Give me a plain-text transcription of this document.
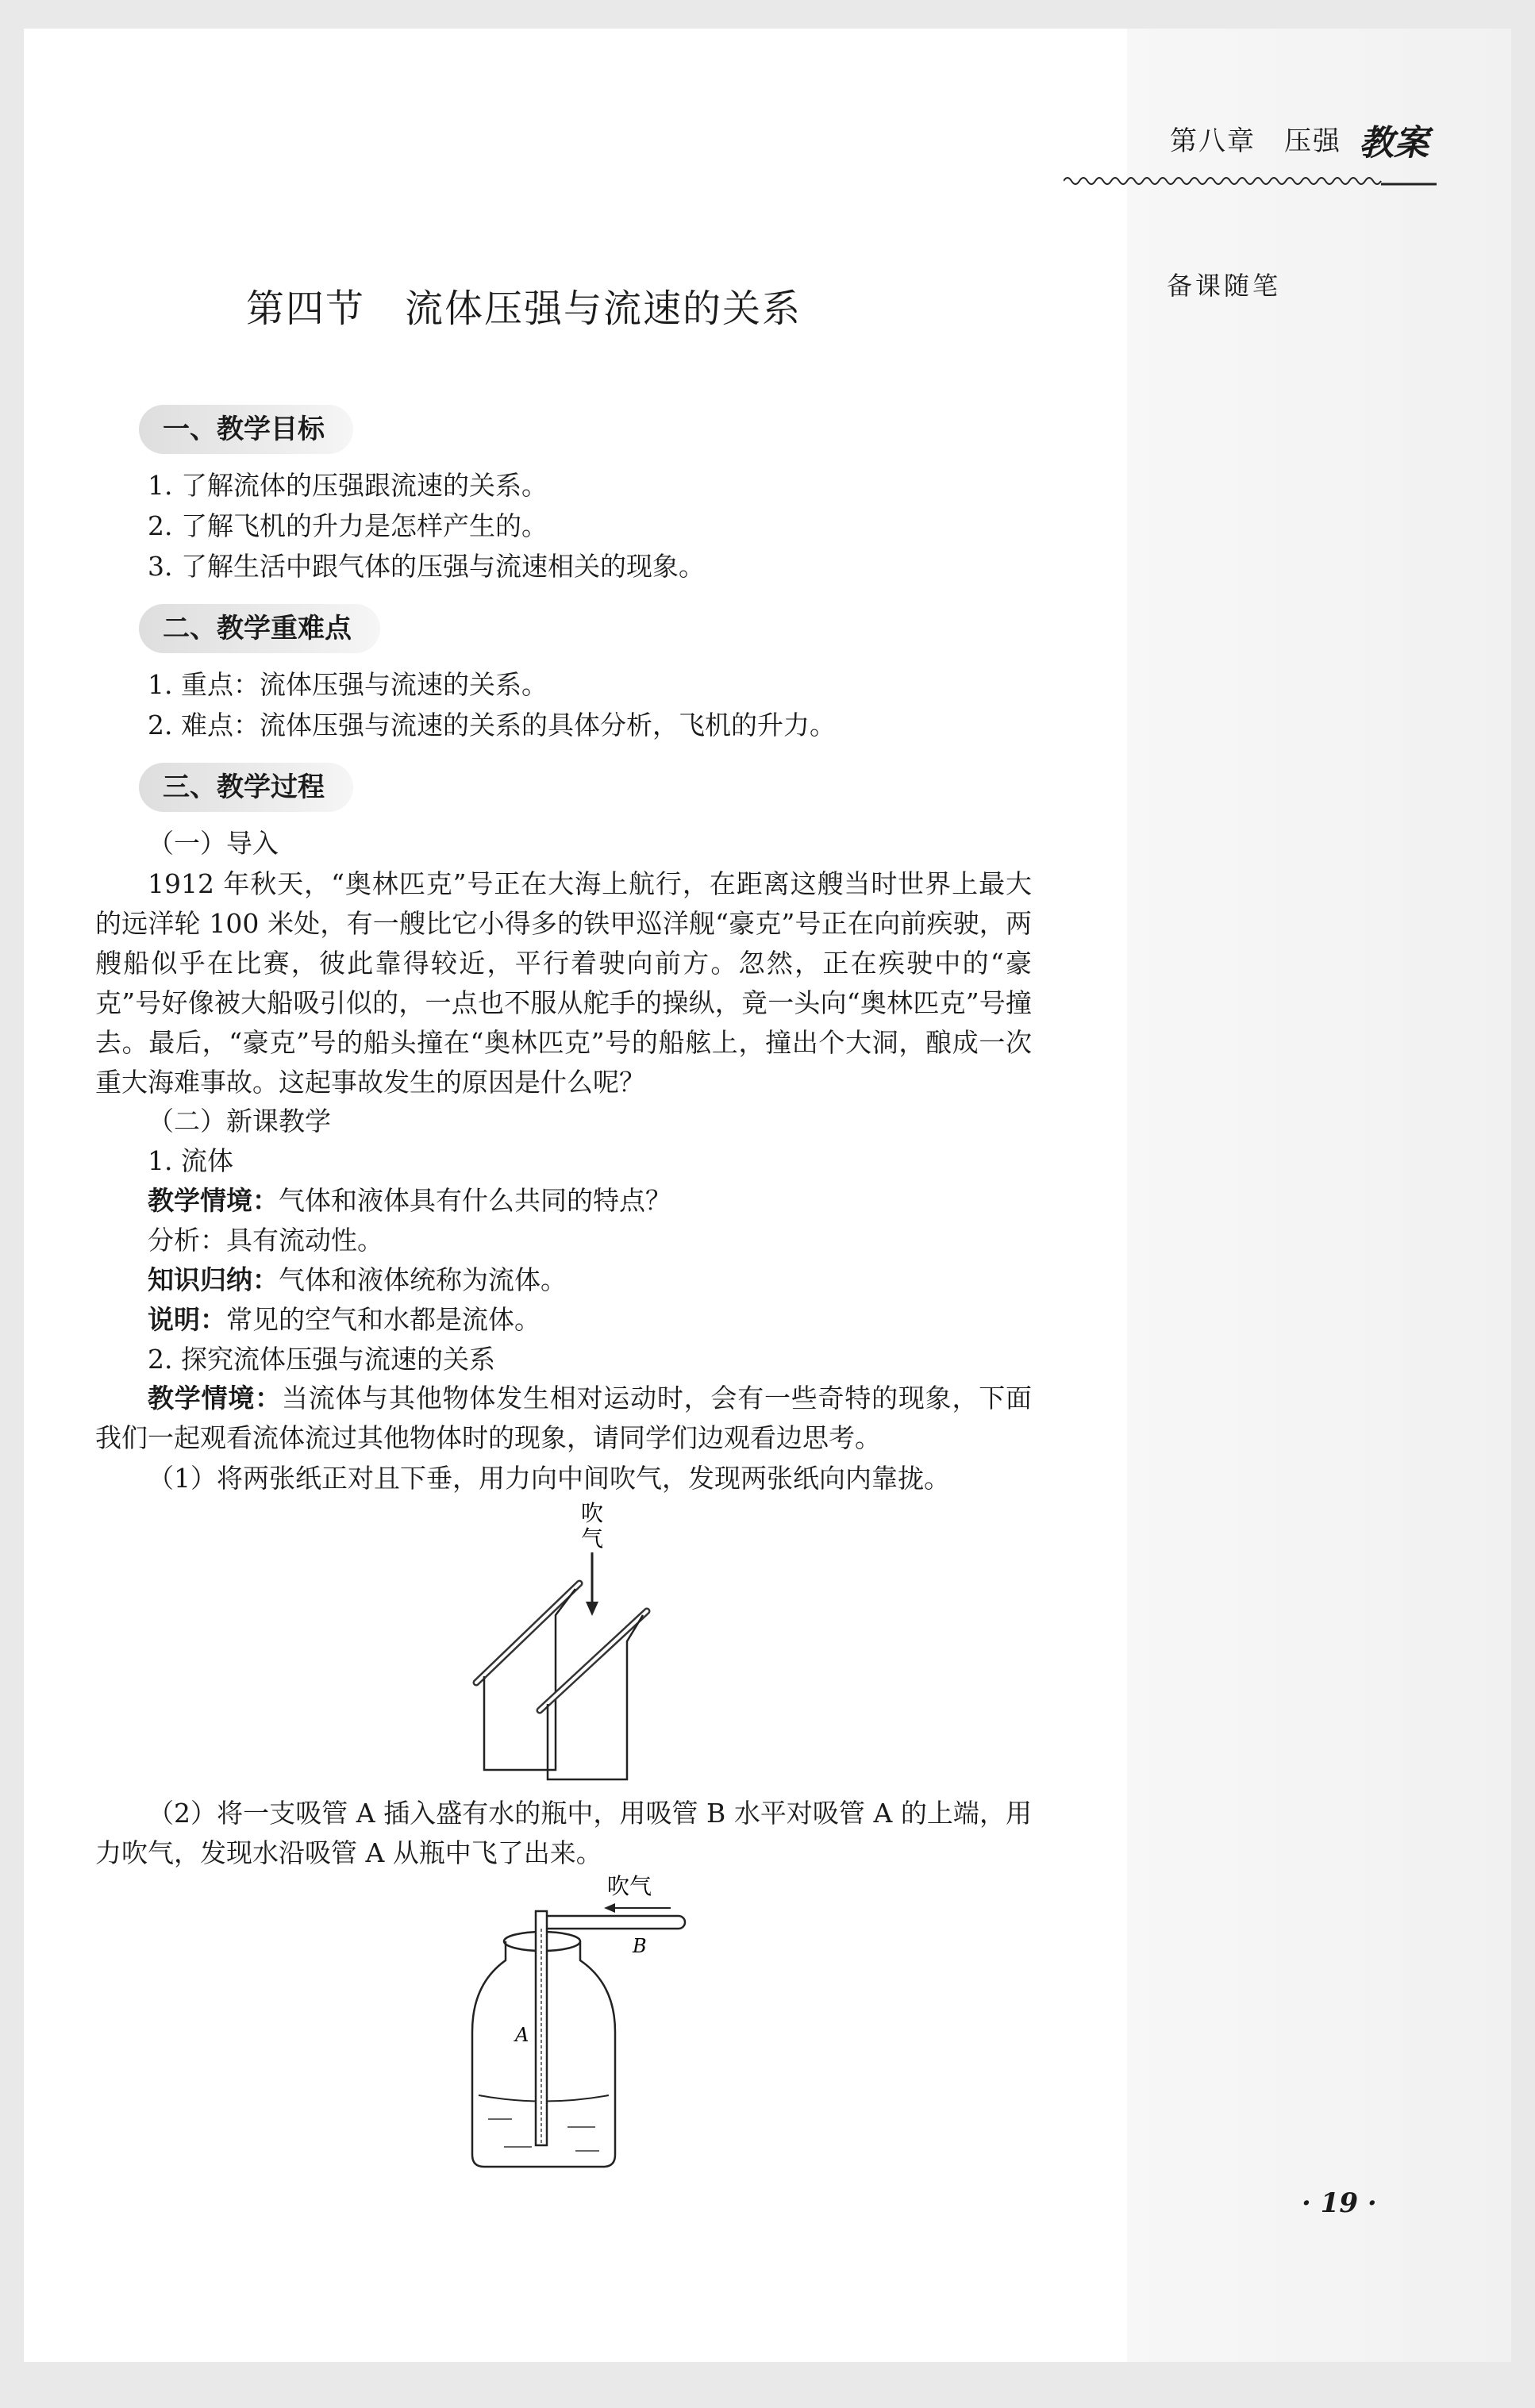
第八章　压强 教案
备课随笔
第四节　流体压强与流速的关系
一、教学目标
1. 了解流体的压强跟流速的关系。
2. 了解飞机的升力是怎样产生的。
3. 了解生活中跟气体的压强与流速相关的现象。
二、教学重难点
1. 重点：流体压强与流速的关系。
2. 难点：流体压强与流速的关系的具体分析，飞机的升力。
三、教学过程
（一）导入
1912 年秋天，“奥林匹克”号正在大海上航行，在距离这艘当时世界上最大的远洋轮 100 米处，有一艘比它小得多的铁甲巡洋舰“豪克”号正在向前疾驶，两艘船似乎在比赛，彼此靠得较近，平行着驶向前方。忽然，正在疾驶中的“豪克”号好像被大船吸引似的，一点也不服从舵手的操纵，竟一头向“奥林匹克”号撞去。最后，“豪克”号的船头撞在“奥林匹克”号的船舷上，撞出个大洞，酿成一次重大海难事故。这起事故发生的原因是什么呢？
（二）新课教学
1. 流体
教学情境：气体和液体具有什么共同的特点？
分析：具有流动性。
知识归纳：气体和液体统称为流体。
说明：常见的空气和水都是流体。
2. 探究流体压强与流速的关系
教学情境：当流体与其他物体发生相对运动时，会有一些奇特的现象，下面我们一起观看流体流过其他物体时的现象，请同学们边观看边思考。
（1）将两张纸正对且下垂，用力向中间吹气，发现两张纸向内靠拢。
吹
气
（2）将一支吸管 A 插入盛有水的瓶中，用吸管 B 水平对吸管 A 的上端，用力吹气，发现水沿吸管 A 从瓶中飞了出来。
吹气
B
A
· 19 ·
